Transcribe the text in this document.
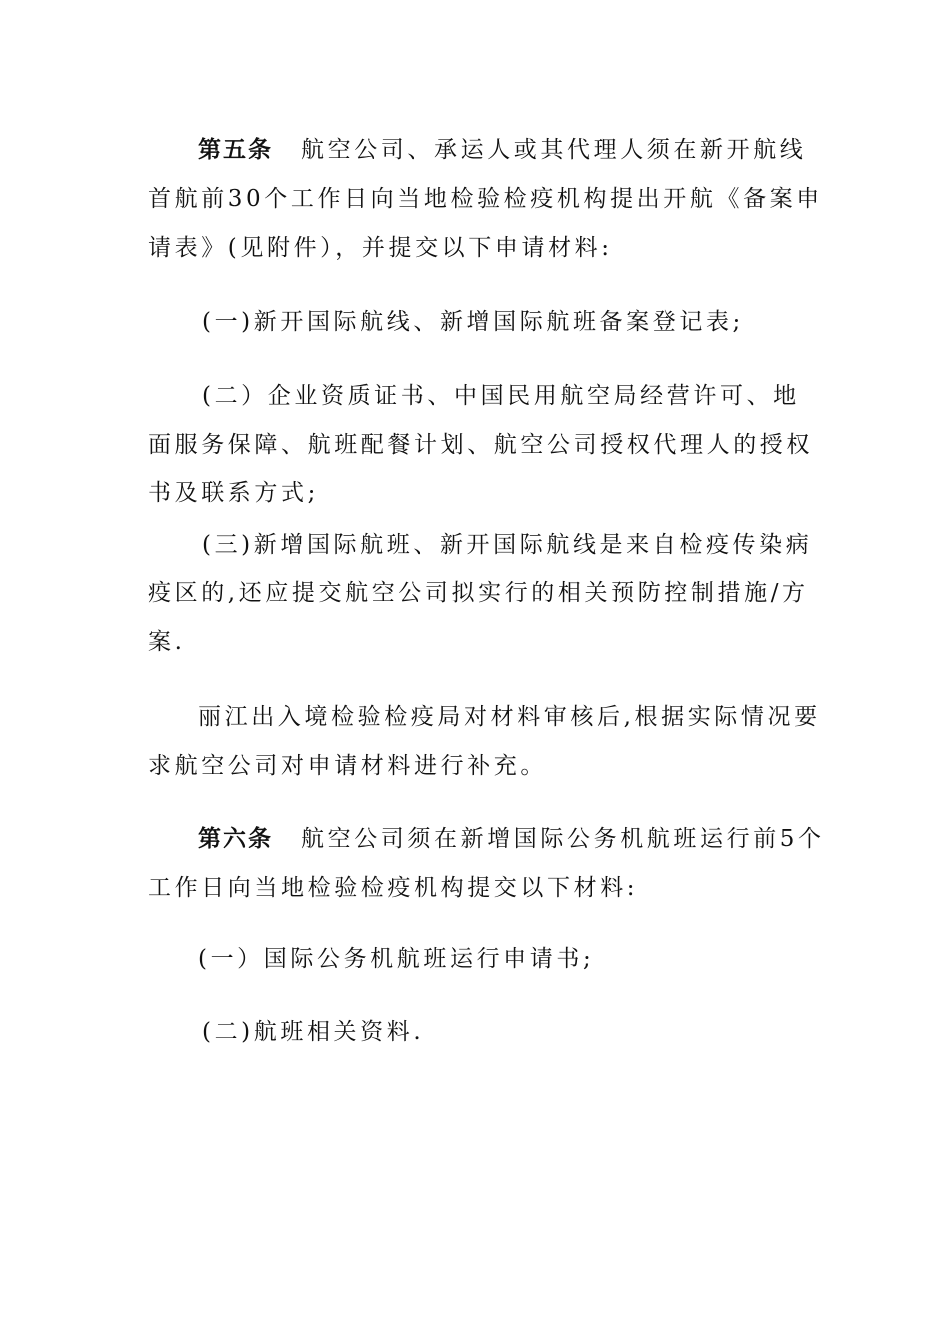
第五条 航空公司、承运人或其代理人须在新开航线
首航前30个工作日向当地检验检疫机构提出开航《备案申
请表》(见附件），并提交以下申请材料:
(一)新开国际航线、新增国际航班备案登记表;
(二）企业资质证书、中国民用航空局经营许可、地
面服务保障、航班配餐计划、航空公司授权代理人的授权
书及联系方式;
(三)新增国际航班、新开国际航线是来自检疫传染病
疫区的,还应提交航空公司拟实行的相关预防控制措施/方
案.
丽江出入境检验检疫局对材料审核后,根据实际情况要
求航空公司对申请材料进行补充。
第六条 航空公司须在新增国际公务机航班运行前5个
工作日向当地检验检疫机构提交以下材料:
(一）国际公务机航班运行申请书;
(二)航班相关资料.
